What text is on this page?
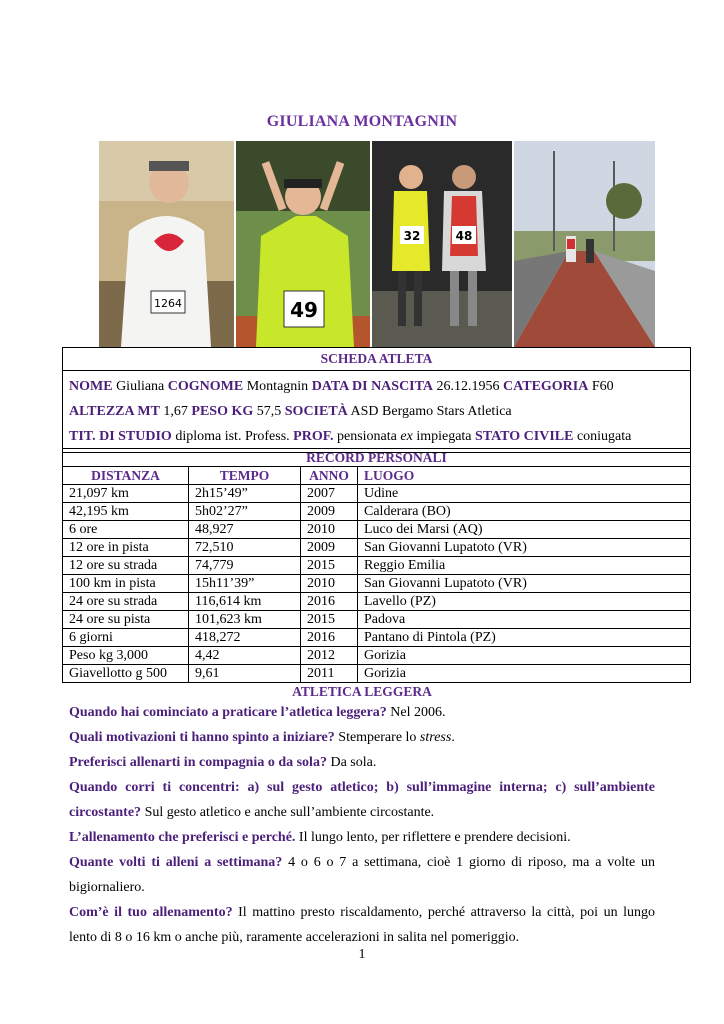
GIULIANA MONTAGNIN
1264	49
32	48
SCHEDA ATLETA
NOME Giuliana COGNOME Montagnin DATA DI NASCITA 26.12.1956 CATEGORIA F60
ALTEZZA MT 1,67 PESO KG 57,5 SOCIETÀ ASD Bergamo Stars Atletica
TIT. DI STUDIO diploma ist. Profess. PROF. pensionata ex impiegata STATO CIVILE coniugata
RECORD PERSONALI			
DISTANZA	TEMPO	ANNO	LUOGO
21,097 km	2h15’49”	2007	Udine
42,195 km	5h02’27”	2009	Calderara (BO)
6 ore	48,927	2010	Luco dei Marsi (AQ)
12 ore in pista	72,510	2009	San Giovanni Lupatoto (VR)
12 ore su strada	74,779	2015	Reggio Emilia
100 km in pista	15h11’39”	2010	San Giovanni Lupatoto (VR)
24 ore su strada	116,614 km	2016	Lavello (PZ)
24 ore su pista	101,623 km	2015	Padova
6 giorni	418,272	2016	Pantano di Pintola (PZ)
Peso kg 3,000	4,42	2012	Gorizia
Giavellotto g 500	9,61	2011	Gorizia
ATLETICA LEGGERA

Quando hai cominciato a praticare l’atletica leggera? Nel 2006.

Quali motivazioni ti hanno spinto a iniziare? Stemperare lo stress.

Preferisci allenarti in compagnia o da sola? Da sola.

Quando corri ti concentri: a) sul gesto atletico; b) sull’immagine interna; c) sull’ambiente circostante? Sul gesto atletico e anche sull’ambiente circostante.

L’allenamento che preferisci e perché. Il lungo lento, per riflettere e prendere decisioni.

Quante volti ti alleni a settimana? 4 o 6 o 7 a settimana, cioè 1 giorno di riposo, ma a volte un bigiornaliero.

Com’è il tuo allenamento? Il mattino presto riscaldamento, perché attraverso la città, poi un lungo lento di 8 o 16 km o anche più, raramente accelerazioni in salita nel pomeriggio.

1
